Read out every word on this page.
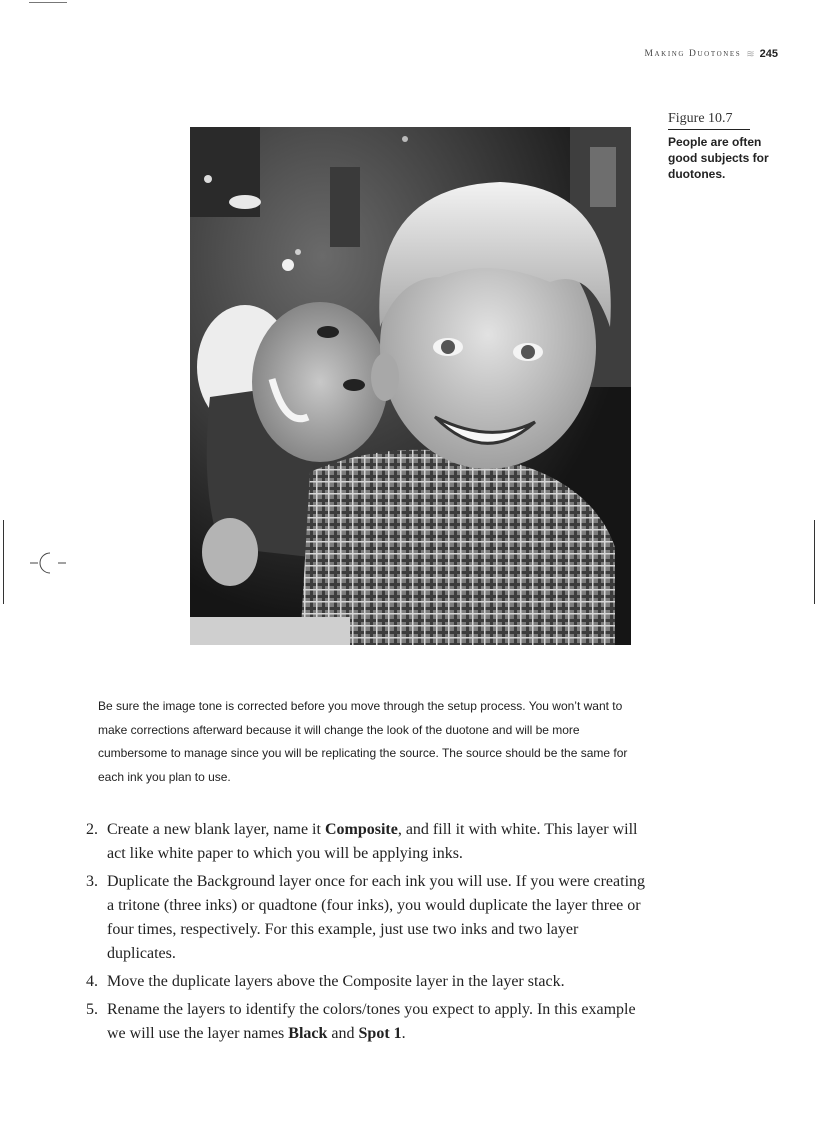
Making Duotones ≋ 245
Figure 10.7
People are often good subjects for duotones.
Be sure the image tone is corrected before you move through the setup process. You won’t want to make corrections afterward because it will change the look of the duotone and will be more cumbersome to manage since you will be replicating the source. The source should be the same for each ink you plan to use.
2. Create a new blank layer, name it Composite, and fill it with white. This layer will act like white paper to which you will be applying inks.
3. Duplicate the Background layer once for each ink you will use. If you were creating a tritone (three inks) or quadtone (four inks), you would duplicate the layer three or four times, respectively. For this example, just use two inks and two layer duplicates.
4. Move the duplicate layers above the Composite layer in the layer stack.
5. Rename the layers to identify the colors/tones you expect to apply. In this example we will use the layer names Black and Spot 1.
